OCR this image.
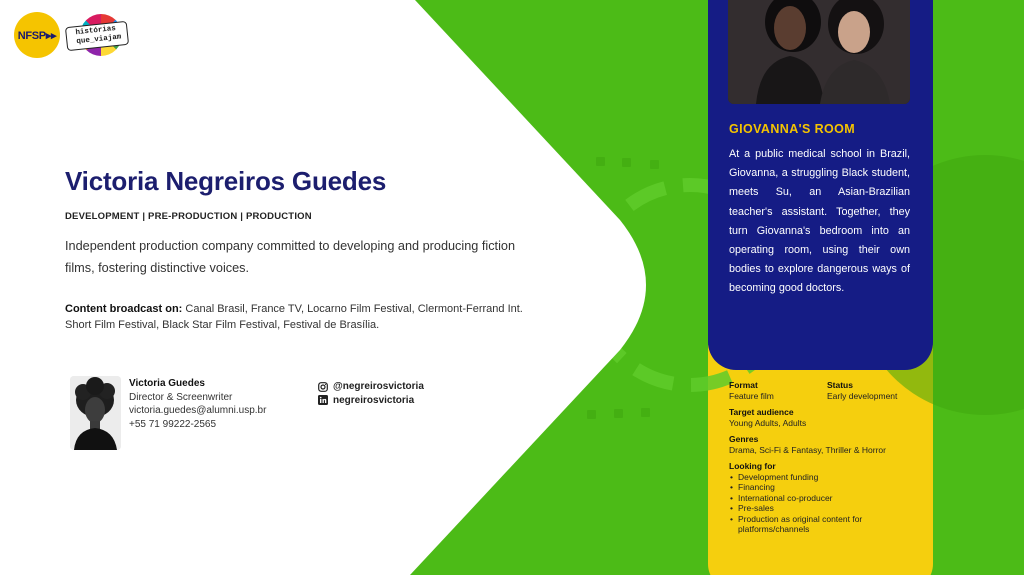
NFSP▸▸	histórias
que_viajam
Victoria Negreiros Guedes
DEVELOPMENT | PRE-PRODUCTION | PRODUCTION

Independent production company committed to developing and producing fiction films, fostering distinctive voices.

Content broadcast on: Canal Brasil, France TV, Locarno Film Festival, Clermont-Ferrand Int. Short Film Festival, Black Star Film Festival, Festival de Brasília.

Victoria Guedes
Director & Screenwriter
victoria.guedes@alumni.usp.br
+55 71 99222-2565
@negreirosvictoria
negreirosvictoria
GIOVANNA'S ROOM

At a public medical school in Brazil, Giovanna, a struggling Black student, meets Su, an Asian-Brazilian teacher's assistant. Together, they turn Giovanna's bedroom into an operating room, using their own bodies to explore dangerous ways of becoming good doctors.

Format
Feature film
Status
Early development
Target audience
Young Adults, Adults
Genres
Drama, Sci-Fi & Fantasy, Thriller & Horror
Looking for
• Development funding
• Financing
• International co-producer
• Pre-sales
• Production as original content for platforms/channels
